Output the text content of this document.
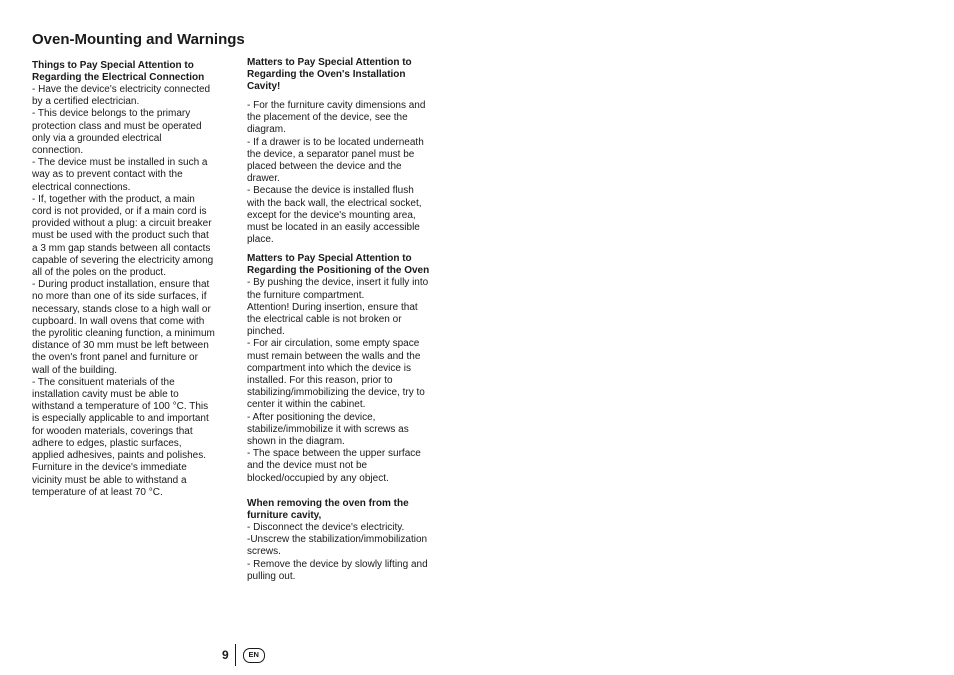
Oven-Mounting and Warnings
Things to Pay Special Attention to
Regarding the Electrical Connection
- Have the device's electricity connected
by a certified electrician.
- This device belongs to the primary
protection class and must be operated
only via a grounded electrical
connection.
- The device must be installed in such a
way as to prevent contact with the
electrical connections.
- If, together with the product, a main
cord is not provided, or if a main cord is
provided without a plug: a circuit breaker
must be used with the product such that
a 3 mm gap stands between all contacts
capable of severing the electricity among
all of the poles on the product.
- During product installation, ensure that
no more than one of its side surfaces, if
necessary, stands close to a high wall or
cupboard. In wall ovens that come with
the pyrolitic cleaning function, a minimum
distance of 30 mm must be left between
the oven's front panel and furniture or
wall of the building.
- The consituent materials of the
installation cavity must be able to
withstand a temperature of 100 °C. This
is especially applicable to and important
for wooden materials, coverings that
adhere to edges, plastic surfaces,
applied adhesives, paints and polishes.
Furniture in the device's immediate
vicinity must be able to withstand a
temperature of at least 70 °C.
Matters to Pay Special Attention to
Regarding the Oven's Installation
Cavity!
- For the furniture cavity dimensions and
the placement of the device, see the
diagram.
- If a drawer is to be located underneath
the device, a separator panel must be
placed between the device and the
drawer.
- Because the device is installed flush
with the back wall, the electrical socket,
except for the device's mounting area,
must be located in an easily accessible
place.
Matters to Pay Special Attention to
Regarding the Positioning of the Oven
- By pushing the device, insert it fully into
the furniture compartment.
Attention! During insertion, ensure that
the electrical cable is not broken or
pinched.
- For air circulation, some empty space
must remain between the walls and the
compartment into which the device is
installed. For this reason, prior to
stabilizing/immobilizing the device, try to
center it within the cabinet.
- After positioning the device,
stabilize/immobilize it with screws as
shown in the diagram.
- The space between the upper surface
and the device must not be
blocked/occupied by any object.
When removing the oven from the
furniture cavity,
- Disconnect the device's electricity.
-Unscrew the stabilization/immobilization
screws.
- Remove the device by slowly lifting and
pulling out.
9	EN
